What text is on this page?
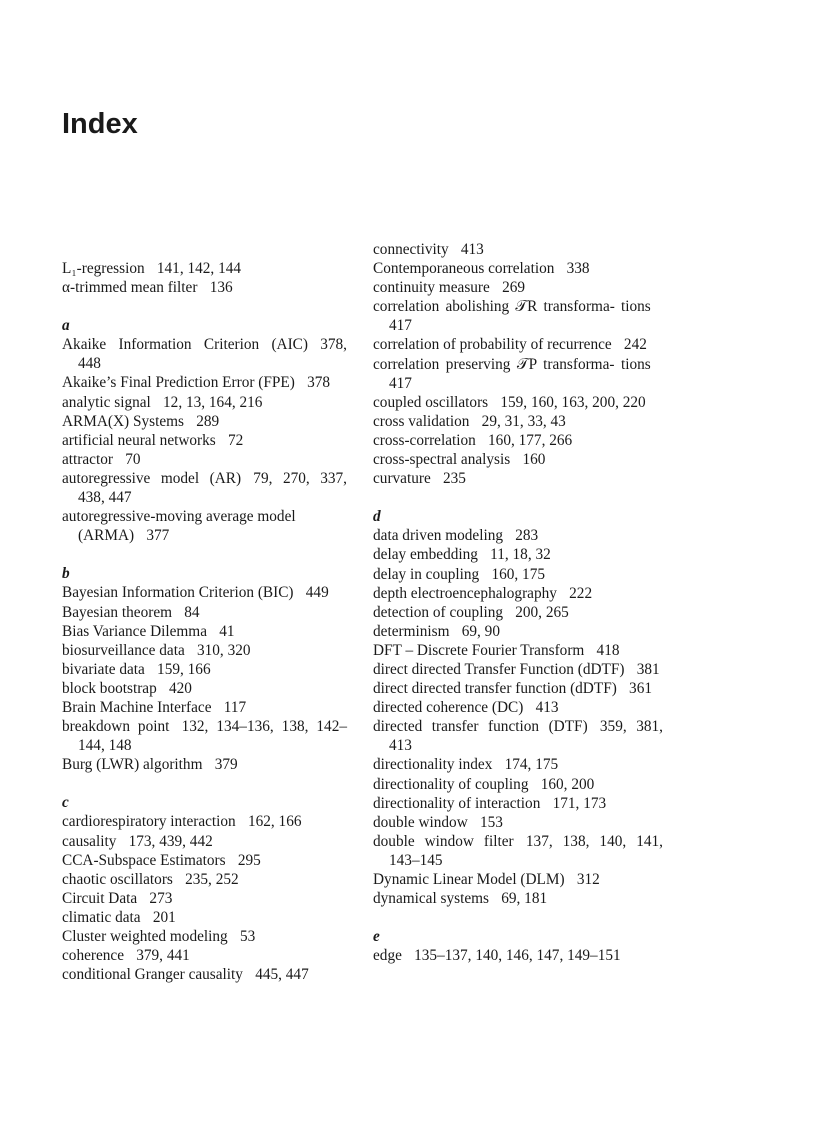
Index
L₁-regression 141, 142, 144
α-trimmed mean filter 136
a
Akaike Information Criterion (AIC) 378, 448
Akaike’s Final Prediction Error (FPE) 378
analytic signal 12, 13, 164, 216
ARMA(X) Systems 289
artificial neural networks 72
attractor 70
autoregressive model (AR) 79, 270, 337, 438, 447
autoregressive-moving average model (ARMA) 377
b
Bayesian Information Criterion (BIC) 449
Bayesian theorem 84
Bias Variance Dilemma 41
biosurveillance data 310, 320
bivariate data 159, 166
block bootstrap 420
Brain Machine Interface 117
breakdown point 132, 134–136, 138, 142–144, 148
Burg (LWR) algorithm 379
c
cardiorespiratory interaction 162, 166
causality 173, 439, 442
CCA-Subspace Estimators 295
chaotic oscillators 235, 252
Circuit Data 273
climatic data 201
Cluster weighted modeling 53
coherence 379, 441
conditional Granger causality 445, 447
connectivity 413
Contemporaneous correlation 338
continuity measure 269
correlation abolishing 𝒯R transforma- tions417
correlation of probability of recurrence 242
correlation preserving 𝒯P transforma- tions417
coupled oscillators 159, 160, 163, 200, 220
cross validation 29, 31, 33, 43
cross-correlation 160, 177, 266
cross-spectral analysis 160
curvature 235
d
data driven modeling 283
delay embedding 11, 18, 32
delay in coupling 160, 175
depth electroencephalography 222
detection of coupling 200, 265
determinism 69, 90
DFT – Discrete Fourier Transform 418
direct directed Transfer Function (dDTF) 381
direct directed transfer function (dDTF) 361
directed coherence (DC) 413
directed transfer function (DTF) 359, 381, 413
directionality index 174, 175
directionality of coupling 160, 200
directionality of interaction 171, 173
double window 153
double window filter 137, 138, 140, 141, 143–145
Dynamic Linear Model (DLM) 312
dynamical systems 69, 181
e
edge 135–137, 140, 146, 147, 149–151
